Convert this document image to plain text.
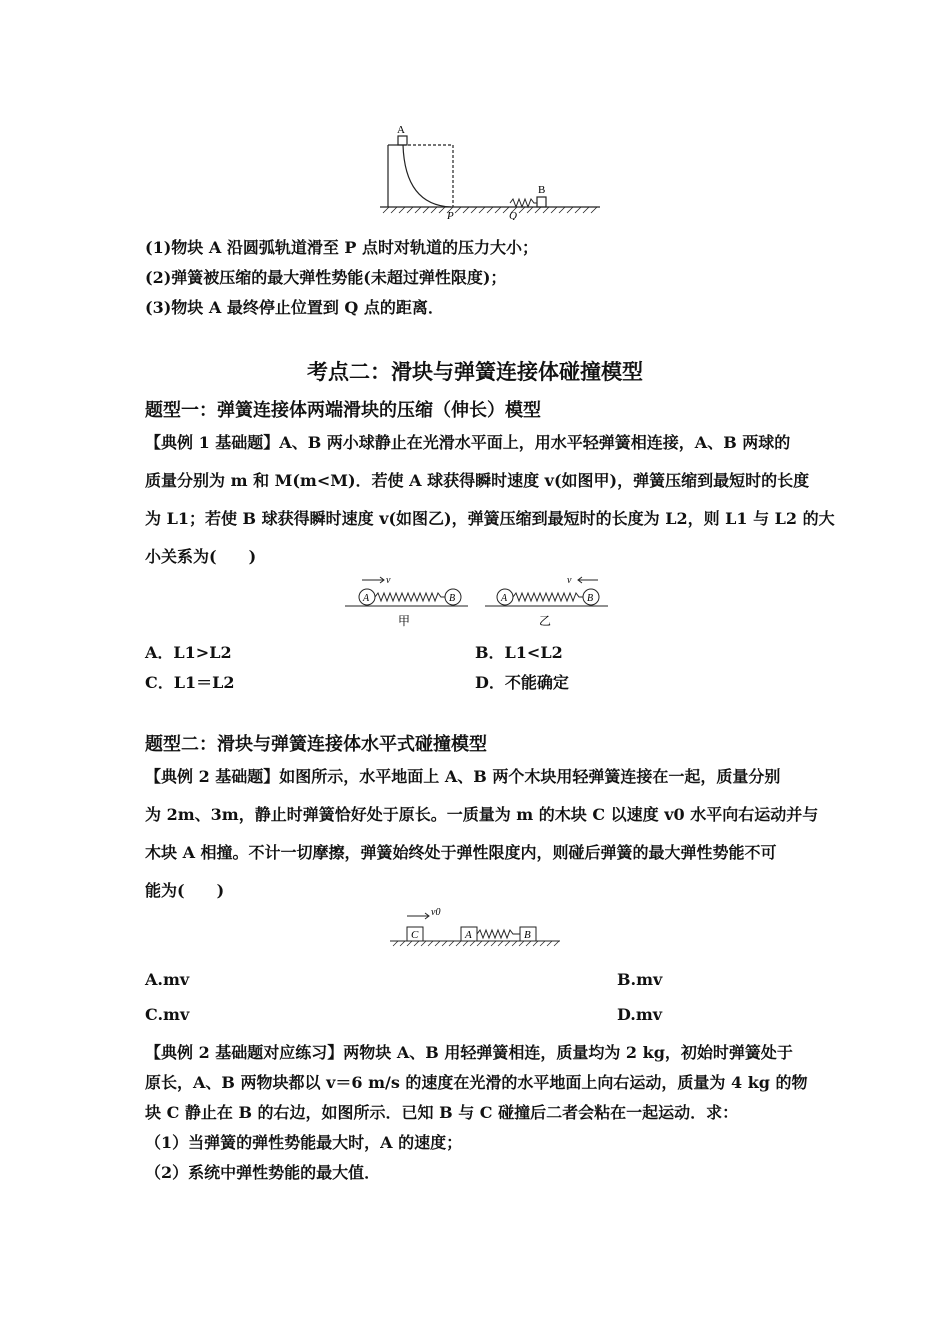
A
B
P	Q
(1)物块 A 沿圆弧轨道滑至 P 点时对轨道的压力大小；
(2)弹簧被压缩的最大弹性势能(未超过弹性限度)；
(3)物块 A 最终停止位置到 Q 点的距离．
考点二：滑块与弹簧连接体碰撞模型
题型一：弹簧连接体两端滑块的压缩（伸长）模型
【典例 1 基础题】A、B 两小球静止在光滑水平面上，用水平轻弹簧相连接，A、B 两球的
质量分别为 m 和 M(m<M)．若使 A 球获得瞬时速度 v(如图甲)，弹簧压缩到最短时的长度
为 L1；若使 B 球获得瞬时速度 v(如图乙)，弹簧压缩到最短时的长度为 L2，则 L1 与 L2 的大
小关系为(　　)
v	v
A	B	A	B
甲	乙
A．L1>L2	B．L1<L2
C．L1＝L2	D．不能确定
题型二：滑块与弹簧连接体水平式碰撞模型
【典例 2 基础题】如图所示，水平地面上 A、B 两个木块用轻弹簧连接在一起，质量分别
为 2m、3m，静止时弹簧恰好处于原长。一质量为 m 的木块 C 以速度 v0 水平向右运动并与
木块 A 相撞。不计一切摩擦，弹簧始终处于弹性限度内，则碰后弹簧的最大弹性势能不可
能为(　　)
v0
C	A	B
A.mv	B.mv
C.mv	D.mv
【典例 2 基础题对应练习】两物块 A、B 用轻弹簧相连，质量均为 2 kg，初始时弹簧处于
原长，A、B 两物块都以 v＝6 m/s 的速度在光滑的水平地面上向右运动，质量为 4 kg 的物
块 C 静止在 B 的右边，如图所示．已知 B 与 C 碰撞后二者会粘在一起运动．求：
（1）当弹簧的弹性势能最大时，A 的速度；
（2）系统中弹性势能的最大值．
